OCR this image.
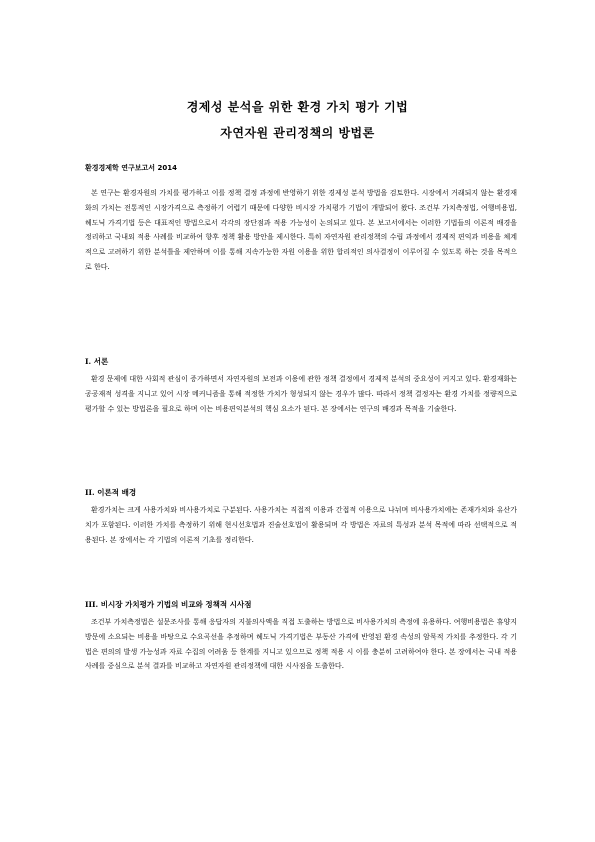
경제성 분석을 위한 환경 가치 평가 기법
자연자원 관리정책의 방법론
환경경제학 연구보고서 2014
본 연구는 환경자원의 가치를 평가하고 이를 정책 결정 과정에 반영하기 위한 경제성 분석 방법을 검토한다. 시장에서 거래되지 않는 환경재화의 가치는 전통적인 시장가격으로 측정하기 어렵기 때문에 다양한 비시장 가치평가 기법이 개발되어 왔다. 조건부 가치측정법, 여행비용법, 헤도닉 가격기법 등은 대표적인 방법으로서 각각의 장단점과 적용 가능성이 논의되고 있다. 본 보고서에서는 이러한 기법들의 이론적 배경을 정리하고 국내외 적용 사례를 비교하여 향후 정책 활용 방안을 제시한다. 특히 자연자원 관리정책의 수립 과정에서 경제적 편익과 비용을 체계적으로 고려하기 위한 분석틀을 제안하며 이를 통해 지속가능한 자원 이용을 위한 합리적인 의사결정이 이루어질 수 있도록 하는 것을 목적으로 한다.
I. 서론
환경 문제에 대한 사회적 관심이 증가하면서 자연자원의 보전과 이용에 관한 정책 결정에서 경제적 분석의 중요성이 커지고 있다. 환경재화는 공공재적 성격을 지니고 있어 시장 메커니즘을 통해 적정한 가치가 형성되지 않는 경우가 많다. 따라서 정책 결정자는 환경 가치를 정량적으로 평가할 수 있는 방법론을 필요로 하며 이는 비용편익분석의 핵심 요소가 된다. 본 장에서는 연구의 배경과 목적을 기술한다.
II. 이론적 배경
환경가치는 크게 사용가치와 비사용가치로 구분된다. 사용가치는 직접적 이용과 간접적 이용으로 나뉘며 비사용가치에는 존재가치와 유산가치가 포함된다. 이러한 가치를 측정하기 위해 현시선호법과 진술선호법이 활용되며 각 방법은 자료의 특성과 분석 목적에 따라 선택적으로 적용된다. 본 장에서는 각 기법의 이론적 기초를 정리한다.
III. 비시장 가치평가 기법의 비교와 정책적 시사점
조건부 가치측정법은 설문조사를 통해 응답자의 지불의사액을 직접 도출하는 방법으로 비사용가치의 측정에 유용하다. 여행비용법은 휴양지 방문에 소요되는 비용을 바탕으로 수요곡선을 추정하며 헤도닉 가격기법은 부동산 가격에 반영된 환경 속성의 암묵적 가치를 추정한다. 각 기법은 편의의 발생 가능성과 자료 수집의 어려움 등 한계를 지니고 있으므로 정책 적용 시 이를 충분히 고려하여야 한다. 본 장에서는 국내 적용 사례를 중심으로 분석 결과를 비교하고 자연자원 관리정책에 대한 시사점을 도출한다.
